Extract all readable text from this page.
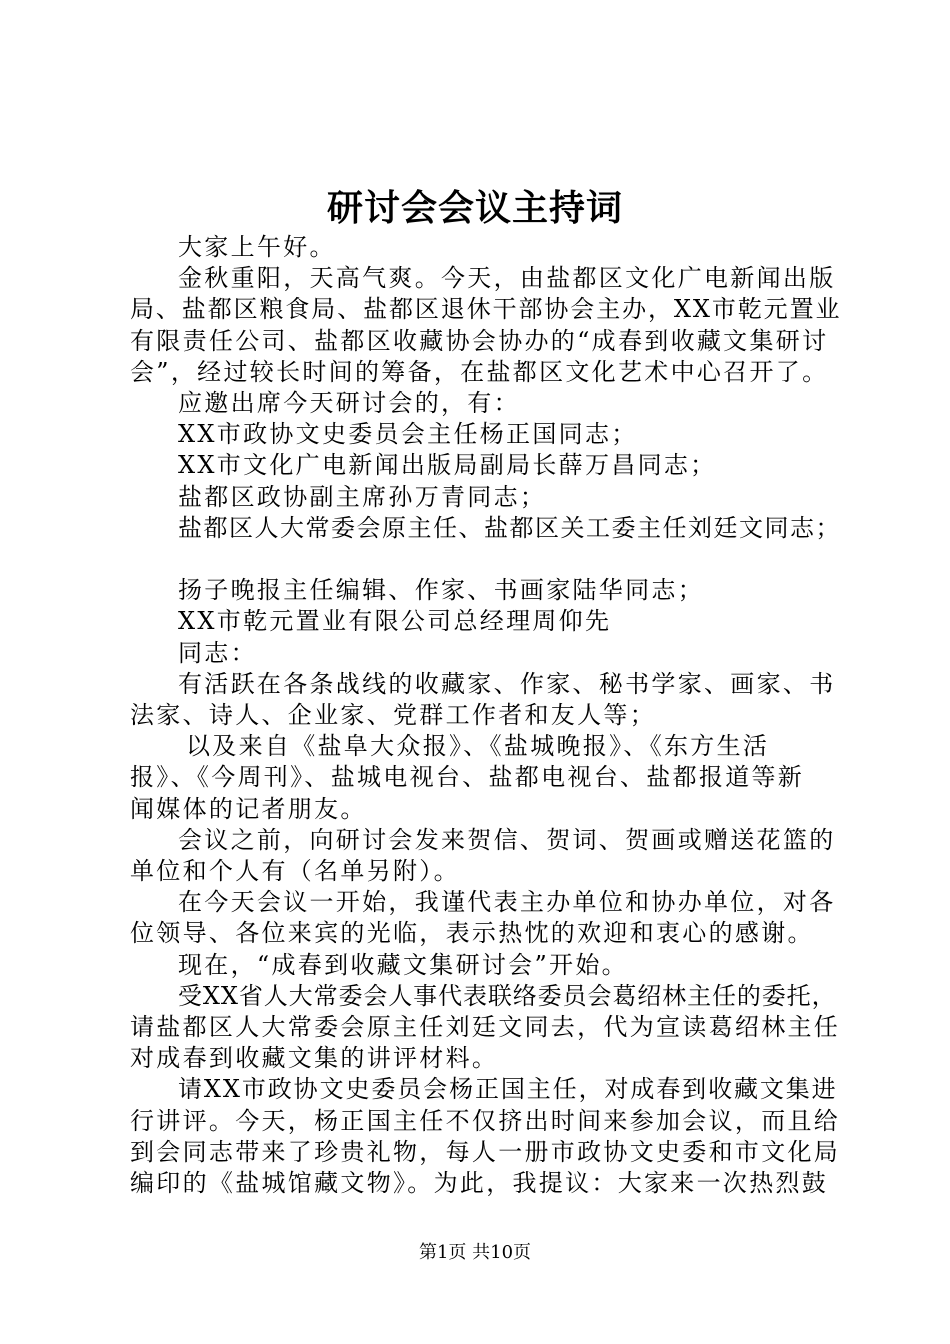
研讨会会议主持词

大家上午好。

金秋重阳，天高气爽。今天，由盐都区文化广电新闻出版

局、盐都区粮食局、盐都区退休干部协会主办，XX市乾元置业

有限责任公司、盐都区收藏协会协办的“成春到收藏文集研讨

会”，经过较长时间的筹备，在盐都区文化艺术中心召开了。

应邀出席今天研讨会的，有：

XX市政协文史委员会主任杨正国同志；

XX市文化广电新闻出版局副局长薛万昌同志；

盐都区政协副主席孙万青同志；

盐都区人大常委会原主任、盐都区关工委主任刘廷文同志；

扬子晚报主任编辑、作家、书画家陆华同志；

XX市乾元置业有限公司总经理周仰先

同志：

有活跃在各条战线的收藏家、作家、秘书学家、画家、书

法家、诗人、企业家、党群工作者和友人等；

以及来自《盐阜大众报》、《盐城晚报》、《东方生活

报》、《今周刊》、盐城电视台、盐都电视台、盐都报道等新

闻媒体的记者朋友。

会议之前，向研讨会发来贺信、贺词、贺画或赠送花篮的

单位和个人有（名单另附）。

在今天会议一开始，我谨代表主办单位和协办单位，对各

位领导、各位来宾的光临，表示热忱的欢迎和衷心的感谢。

现在，“成春到收藏文集研讨会”开始。

受XX省人大常委会人事代表联络委员会葛绍林主任的委托，

请盐都区人大常委会原主任刘廷文同去，代为宣读葛绍林主任

对成春到收藏文集的讲评材料。

请XX市政协文史委员会杨正国主任，对成春到收藏文集进

行讲评。今天，杨正国主任不仅挤出时间来参加会议，而且给

到会同志带来了珍贵礼物，每人一册市政协文史委和市文化局

编印的《盐城馆藏文物》。为此，我提议：大家来一次热烈鼓

第1页 共10页
